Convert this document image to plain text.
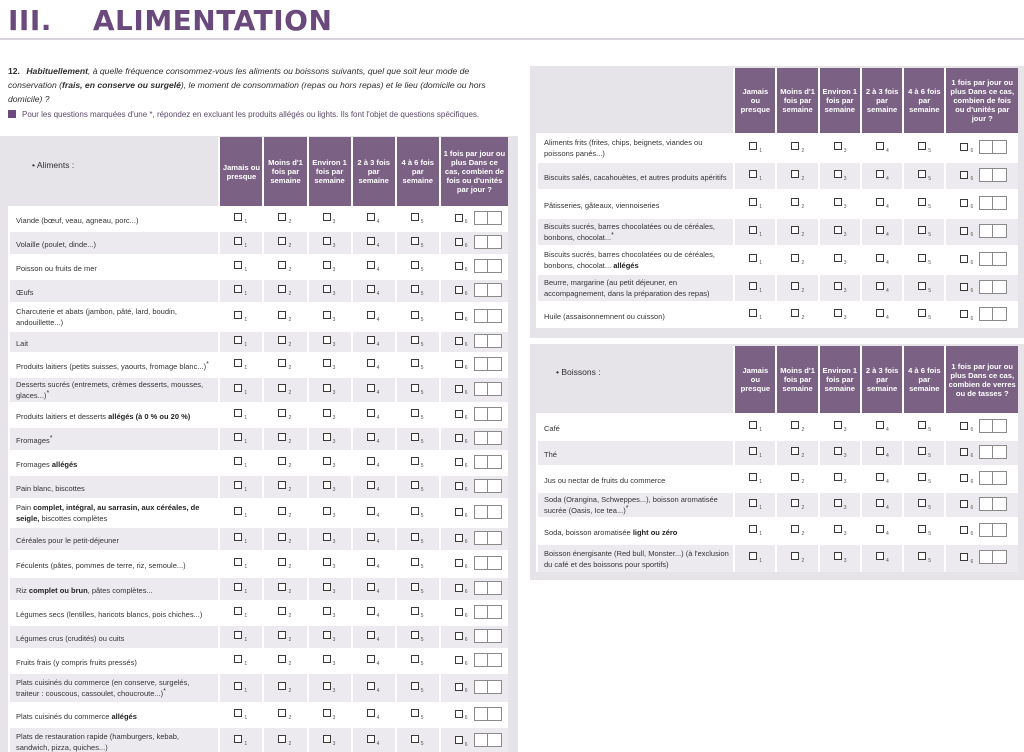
III.    ALIMENTATION
12. Habituellement, à quelle fréquence consommez-vous les aliments ou boissons suivants, quel que soit leur mode de conservation (frais, en conserve ou surgelé), le moment de consommation (repas ou hors repas) et le lieu (domicile ou hors domicile) ?
Pour les questions marquées d'une *, répondez en excluant les produits allégés ou lights. Ils font l'objet de questions spécifiques.
• Aliments :
• Boissons :
	Jamais ou presque	Moins d'1 fois par semaine	Environ 1 fois par semaine	2 à 3 fois par semaine	4 à 6 fois par semaine	1 fois par jour ou plus Dans ce cas, combien de fois ou d'unités par jour ?
Viande (bœuf, veau, agneau, porc...)	$_1$	$_2$	$_3$	$_4$	$_5$	$_6$
Volaille (poulet, dinde...)	$_1$	$_2$	$_3$	$_4$	$_5$	$_6$
Poisson ou fruits de mer	$_1$	$_2$	$_3$	$_4$	$_5$	$_6$
Œufs	$_1$	$_2$	$_3$	$_4$	$_5$	$_6$
Charcuterie et abats (jambon, pâté, lard, boudin, andouillette...)	$_1$	$_2$	$_3$	$_4$	$_5$	$_6$
Lait	$_1$	$_2$	$_3$	$_4$	$_5$	$_6$
Produits laitiers (petits suisses, yaourts, fromage blanc...)*	$_1$	$_2$	$_3$	$_4$	$_5$	$_6$
Desserts sucrés (entremets, crèmes desserts, mousses, glaces...)*	$_1$	$_2$	$_3$	$_4$	$_5$	$_6$
Produits laitiers et desserts allégés (à 0 % ou 20 %)	$_1$	$_2$	$_3$	$_4$	$_5$	$_6$
Fromages*	$_1$	$_2$	$_3$	$_4$	$_5$	$_6$
Fromages allégés	$_1$	$_2$	$_3$	$_4$	$_5$	$_6$
Pain blanc, biscottes	$_1$	$_2$	$_3$	$_4$	$_5$	$_6$
Pain complet, intégral, au sarrasin, aux céréales, de seigle, biscottes complètes	$_1$	$_2$	$_3$	$_4$	$_5$	$_6$
Céréales pour le petit-déjeuner	$_1$	$_2$	$_3$	$_4$	$_5$	$_6$
Féculents (pâtes, pommes de terre, riz, semoule...)	$_1$	$_2$	$_3$	$_4$	$_5$	$_6$
Riz complet ou brun, pâtes complètes...	$_1$	$_2$	$_3$	$_4$	$_5$	$_6$
Légumes secs (lentilles, haricots blancs, pois chiches...)	$_1$	$_2$	$_3$	$_4$	$_5$	$_6$
Légumes crus (crudités) ou cuits	$_1$	$_2$	$_3$	$_4$	$_5$	$_6$
Fruits frais (y compris fruits pressés)	$_1$	$_2$	$_3$	$_4$	$_5$	$_6$
Plats cuisinés du commerce (en conserve, surgelés, traiteur : couscous, cassoulet, choucroute...)*	$_1$	$_2$	$_3$	$_4$	$_5$	$_6$
Plats cuisinés du commerce allégés	$_1$	$_2$	$_3$	$_4$	$_5$	$_6$
Plats de restauration rapide (hamburgers, kebab, sandwich, pizza, quiches...)	$_1$	$_2$	$_3$	$_4$	$_5$	$_6$
	Jamais ou presque	Moins d'1 fois par semaine	Environ 1 fois par semaine	2 à 3 fois par semaine	4 à 6 fois par semaine	1 fois par jour ou plus Dans ce cas, combien de fois ou d'unités par jour ?
Aliments frits (frites, chips, beignets, viandes ou poissons panés...)	$_1$	$_2$	$_3$	$_4$	$_5$	$_6$
Biscuits salés, cacahouètes, et autres produits apéritifs	$_1$	$_2$	$_3$	$_4$	$_5$	$_6$
Pâtisseries, gâteaux, viennoiseries	$_1$	$_2$	$_3$	$_4$	$_5$	$_6$
Biscuits sucrés, barres chocolatées ou de céréales, bonbons, chocolat...*	$_1$	$_2$	$_3$	$_4$	$_5$	$_6$
Biscuits sucrés, barres chocolatées ou de céréales, bonbons, chocolat... allégés	$_1$	$_2$	$_3$	$_4$	$_5$	$_6$
Beurre, margarine (au petit déjeuner, en accompagnement, dans la préparation des repas)	$_1$	$_2$	$_3$	$_4$	$_5$	$_6$
Huile (assaisonnemnent ou cuisson)	$_1$	$_2$	$_3$	$_4$	$_5$	$_6$
	Jamais ou presque	Moins d'1 fois par semaine	Environ 1 fois par semaine	2 à 3 fois par semaine	4 à 6 fois par semaine	1 fois par jour ou plus Dans ce cas, combien de verres ou de tasses ?
Café	$_1$	$_2$	$_3$	$_4$	$_5$	$_6$
Thé	$_1$	$_2$	$_3$	$_4$	$_5$	$_6$
Jus ou nectar de fruits du commerce	$_1$	$_2$	$_3$	$_4$	$_5$	$_6$
Soda (Orangina, Schweppes...), boisson aromatisée sucrée (Oasis, Ice tea...)*	$_1$	$_2$	$_3$	$_4$	$_5$	$_6$
Soda, boisson aromatisée light ou zéro	$_1$	$_2$	$_3$	$_4$	$_5$	$_6$
Boisson énergisante (Red bull, Monster...) (à l'exclusion du café et des boissons pour sportifs)	$_1$	$_2$	$_3$	$_4$	$_5$	$_6$
